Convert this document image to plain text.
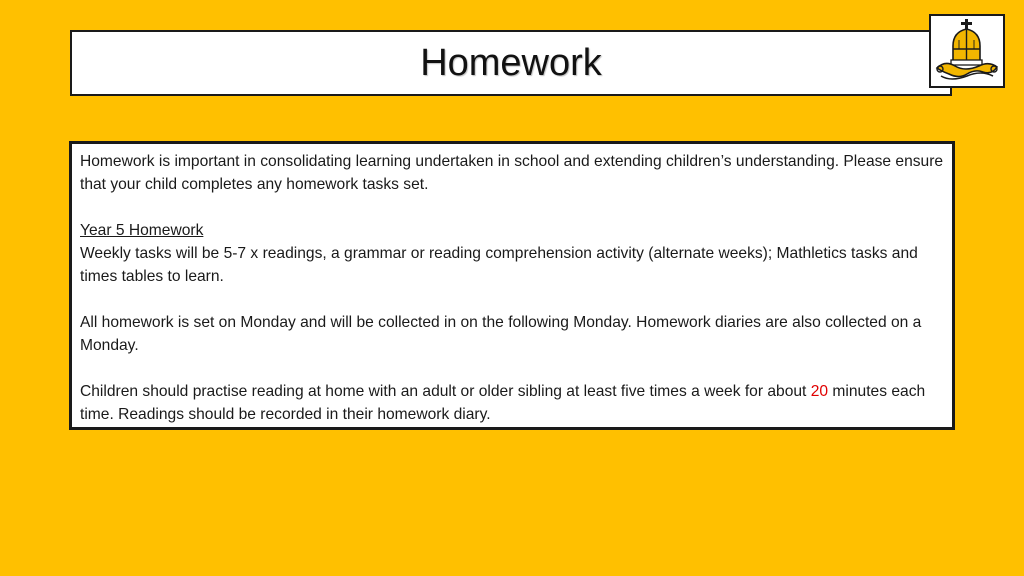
Homework

Homework is important in consolidating learning undertaken in school and extending children’s understanding. Please ensure that your child completes any homework tasks set.

Year 5 Homework
Weekly tasks will be 5-7 x readings, a grammar or reading comprehension activity (alternate weeks); Mathletics tasks and times tables to learn.

All homework is set on Monday and will be collected in on the following Monday. Homework diaries are also collected on a Monday.

Children should practise reading at home with an adult or older sibling at least five times a week for about 20 minutes each time. Readings should be recorded in their homework diary.
